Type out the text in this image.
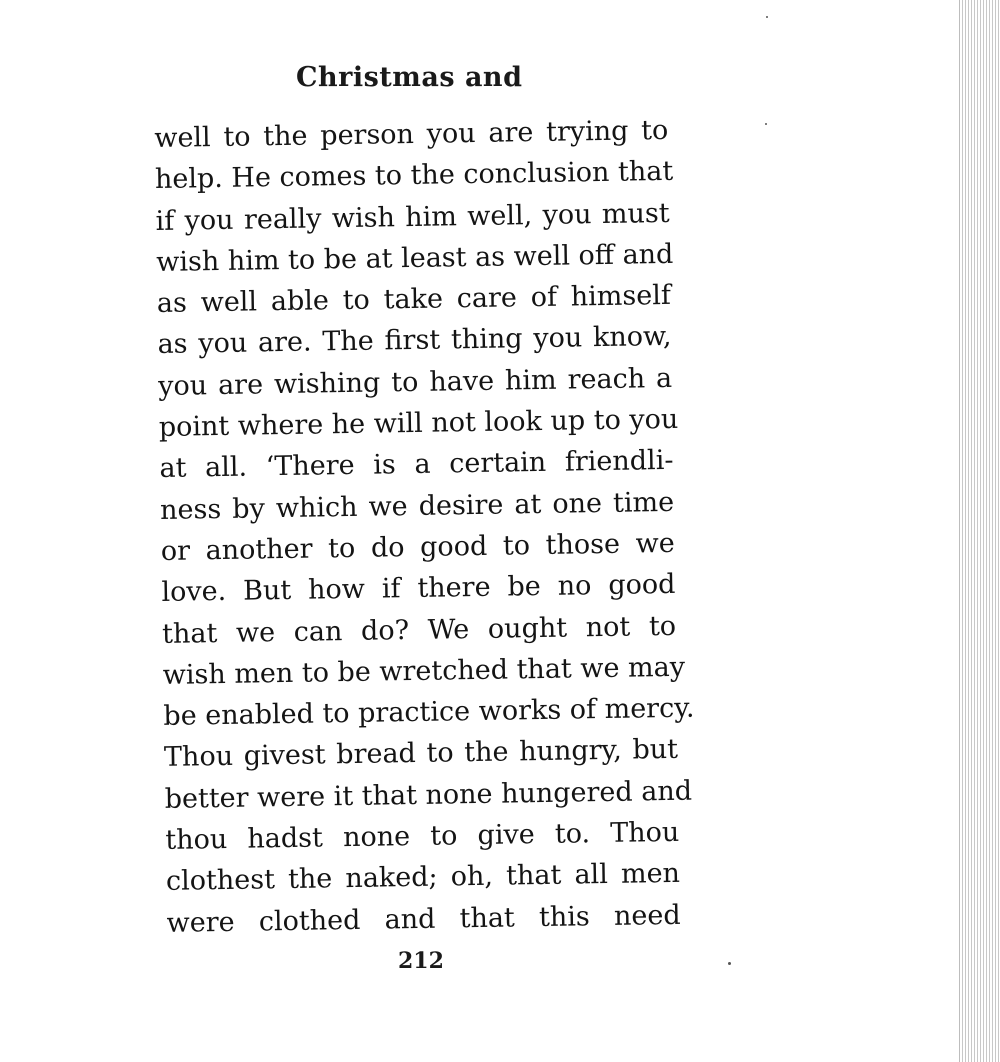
Christmas and
well to the person you are trying to
help. He comes to the conclusion that
if you really wish him well, you must
wish him to be at least as well off and
as well able to take care of himself
as you are. The first thing you know,
you are wishing to have him reach a
point where he will not look up to you
at all. ‘There is a certain friendli-
ness by which we desire at one time
or another to do good to those we
love. But how if there be no good
that we can do? We ought not to
wish men to be wretched that we may
be enabled to practice works of mercy.
Thou givest bread to the hungry, but
better were it that none hungered and
thou hadst none to give to. Thou
clothest the naked; oh, that all men
were clothed and that this need
212
